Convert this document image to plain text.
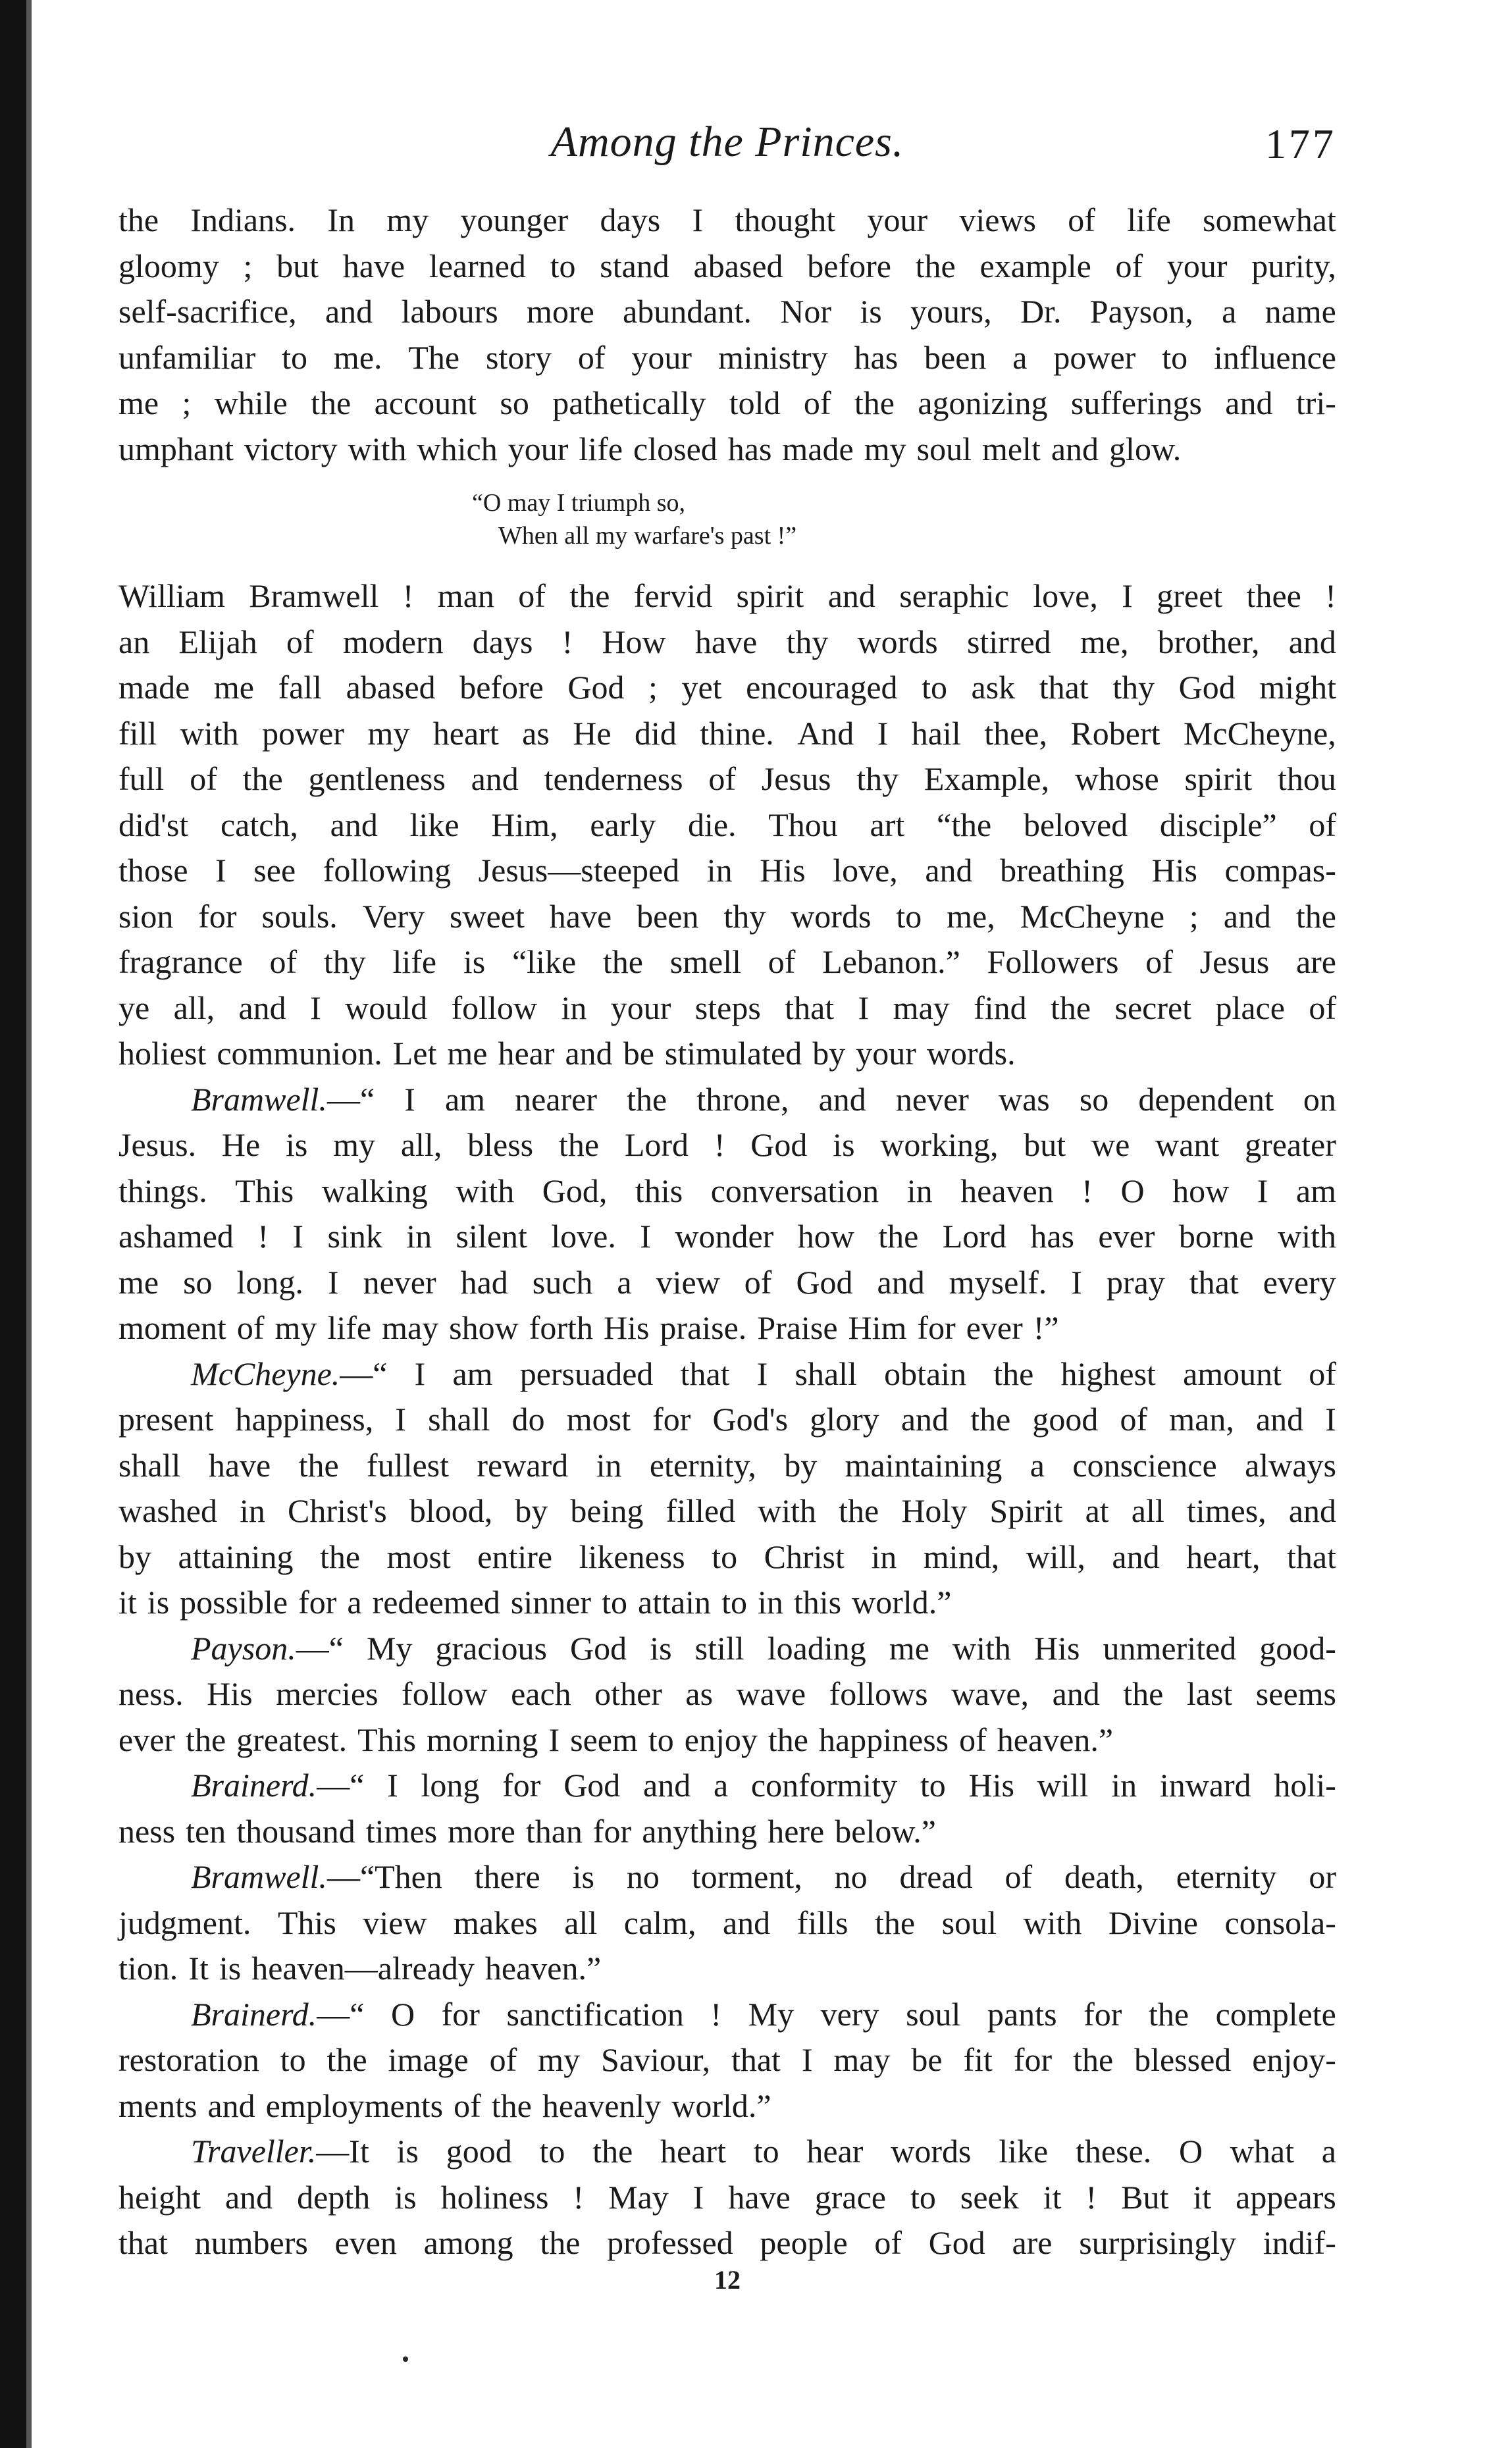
Among the Princes.	177
the Indians. In my younger days I thought your views of life somewhat
gloomy ; but have learned to stand abased before the example of your purity,
self-sacrifice, and labours more abundant. Nor is yours, Dr. Payson, a name
unfamiliar to me. The story of your ministry has been a power to influence
me ; while the account so pathetically told of the agonizing sufferings and tri-
umphant victory with which your life closed has made my soul melt and glow.
“O may I triumph so,
When all my warfare's past !”
William Bramwell ! man of the fervid spirit and seraphic love, I greet thee !
an Elijah of modern days ! How have thy words stirred me, brother, and
made me fall abased before God ; yet encouraged to ask that thy God might
fill with power my heart as He did thine. And I hail thee, Robert McCheyne,
full of the gentleness and tenderness of Jesus thy Example, whose spirit thou
did'st catch, and like Him, early die. Thou art “the beloved disciple” of
those I see following Jesus—steeped in His love, and breathing His compas-
sion for souls. Very sweet have been thy words to me, McCheyne ; and the
fragrance of thy life is “like the smell of Lebanon.” Followers of Jesus are
ye all, and I would follow in your steps that I may find the secret place of
holiest communion. Let me hear and be stimulated by your words.
Bramwell.—“ I am nearer the throne, and never was so dependent on
Jesus. He is my all, bless the Lord ! God is working, but we want greater
things. This walking with God, this conversation in heaven ! O how I am
ashamed ! I sink in silent love. I wonder how the Lord has ever borne with
me so long. I never had such a view of God and myself. I pray that every
moment of my life may show forth His praise. Praise Him for ever !”
McCheyne.—“ I am persuaded that I shall obtain the highest amount of
present happiness, I shall do most for God's glory and the good of man, and I
shall have the fullest reward in eternity, by maintaining a conscience always
washed in Christ's blood, by being filled with the Holy Spirit at all times, and
by attaining the most entire likeness to Christ in mind, will, and heart, that
it is possible for a redeemed sinner to attain to in this world.”
Payson.—“ My gracious God is still loading me with His unmerited good-
ness. His mercies follow each other as wave follows wave, and the last seems
ever the greatest. This morning I seem to enjoy the happiness of heaven.”
Brainerd.—“ I long for God and a conformity to His will in inward holi-
ness ten thousand times more than for anything here below.”
Bramwell.—“Then there is no torment, no dread of death, eternity or
judgment. This view makes all calm, and fills the soul with Divine consola-
tion. It is heaven—already heaven.”
Brainerd.—“ O for sanctification ! My very soul pants for the complete
restoration to the image of my Saviour, that I may be fit for the blessed enjoy-
ments and employments of the heavenly world.”
Traveller.—It is good to the heart to hear words like these. O what a
height and depth is holiness ! May I have grace to seek it ! But it appears
that numbers even among the professed people of God are surprisingly indif-
12
